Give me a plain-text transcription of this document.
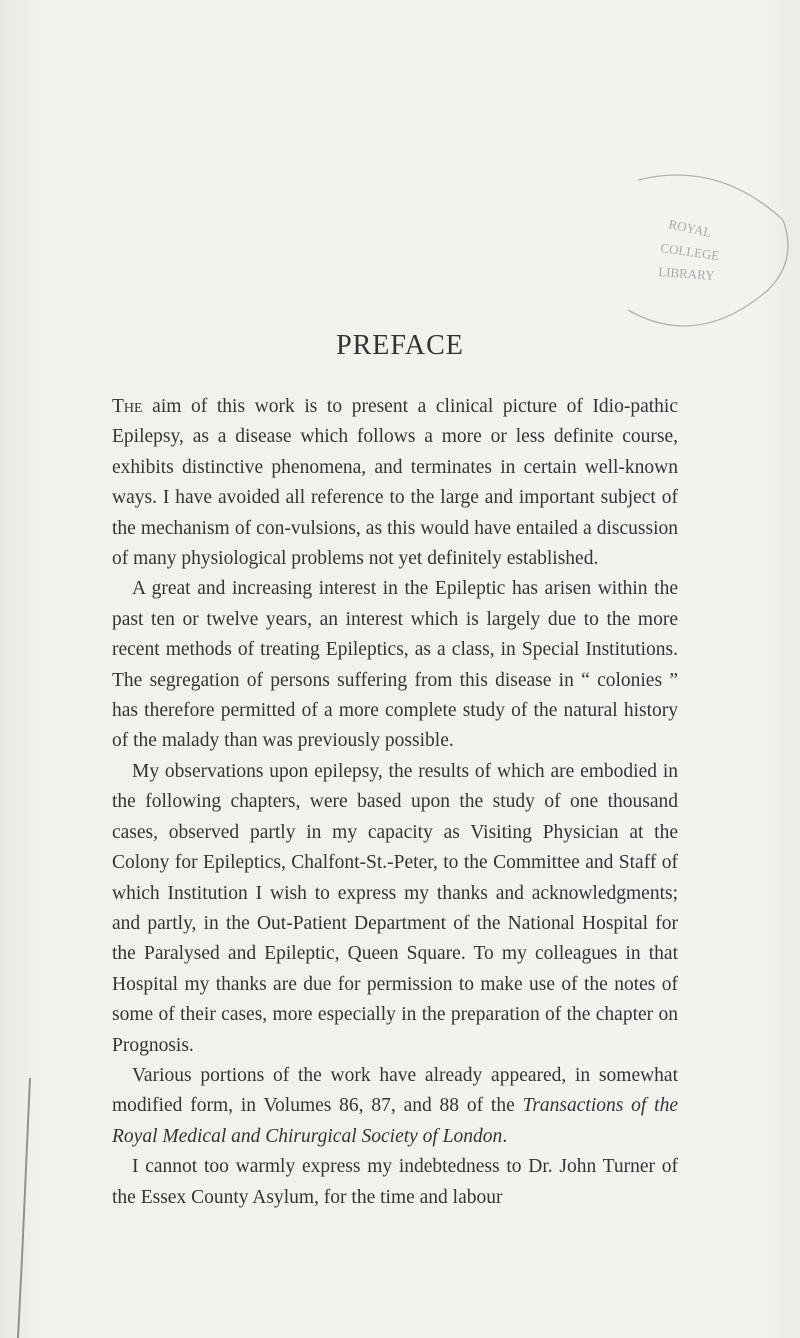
ROYAL
COLLEGE
LIBRARY
PREFACE

The aim of this work is to present a clinical picture of Idio-pathic Epilepsy, as a disease which follows a more or less definite course, exhibits distinctive phenomena, and terminates in certain well-known ways. I have avoided all reference to the large and important subject of the mechanism of con-vulsions, as this would have entailed a discussion of many physiological problems not yet definitely established.

A great and increasing interest in the Epileptic has arisen within the past ten or twelve years, an interest which is largely due to the more recent methods of treating Epileptics, as a class, in Special Institutions. The segregation of persons suffering from this disease in “ colonies ” has therefore permitted of a more complete study of the natural history of the malady than was previously possible.

My observations upon epilepsy, the results of which are embodied in the following chapters, were based upon the study of one thousand cases, observed partly in my capacity as Visiting Physician at the Colony for Epileptics, Chalfont-St.-Peter, to the Committee and Staff of which Institution I wish to express my thanks and acknowledgments; and partly, in the Out-Patient Department of the National Hospital for the Paralysed and Epileptic, Queen Square. To my colleagues in that Hospital my thanks are due for permission to make use of the notes of some of their cases, more especially in the preparation of the chapter on Prognosis.

Various portions of the work have already appeared, in somewhat modified form, in Volumes 86, 87, and 88 of the Transactions of the Royal Medical and Chirurgical Society of London.

I cannot too warmly express my indebtedness to Dr. John Turner of the Essex County Asylum, for the time and labour
